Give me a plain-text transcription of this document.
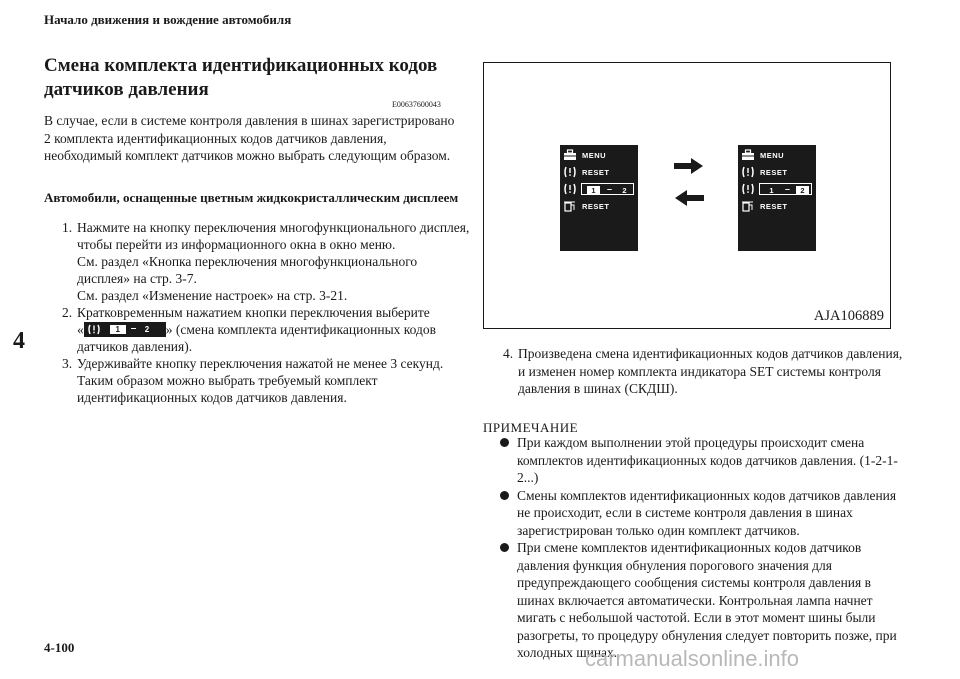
Начало движения и вождение автомобиля
Смена комплекта идентификационных кодов датчиков давления
E00637600043
В случае, если в системе контроля давления в шинах зарегистрировано 2 комплекта идентификационных кодов датчиков давления, необходимый комплект датчиков можно выбрать следующим образом.
Автомобили, оснащенные цветным жидкокристаллическим дисплеем
1. Нажмите на кнопку переключения многофункционального дисплея, чтобы перейти из информационного окна в окно меню.
См. раздел «Кнопка переключения многофункционального дисплея» на стр. 3-7.
См. раздел «Изменение настроек» на стр. 3-21.
2. Кратковременным нажатием кнопки переключения выберите
«	1	– 2 » (смена комплекта идентификационных кодов датчиков давления).
3. Удерживайте кнопку переключения нажатой не менее 3 секунд. Таким образом можно выбрать требуемый комплект идентификационных кодов датчиков давления.
4
4-100
MENU
RESET
1	–	2
RESET
MENU
RESET
1	–	2
RESET
AJA106889
4. Произведена смена идентификационных кодов датчиков давления, и изменен номер комплекта индикатора SET системы контроля давления в шинах (СКДШ).
ПРИМЕЧАНИЕ
При каждом выполнении этой процедуры происходит смена комплектов идентификационных кодов датчиков давления. (1-2-1-2...)
Смены комплектов идентификационных кодов датчиков давления не происходит, если в системе контроля давления в шинах зарегистрирован только один комплект датчиков.
При смене комплектов идентификационных кодов датчиков давления функция обнуления порогового значения для предупреждающего сообщения системы контроля давления в шинах включается автоматически. Контрольная лампа начнет мигать с небольшой частотой. Если в этот момент шины были разогреты, то процедуру обнуления следует повторить позже, при холодных шинах.
carmanualsonline.info
